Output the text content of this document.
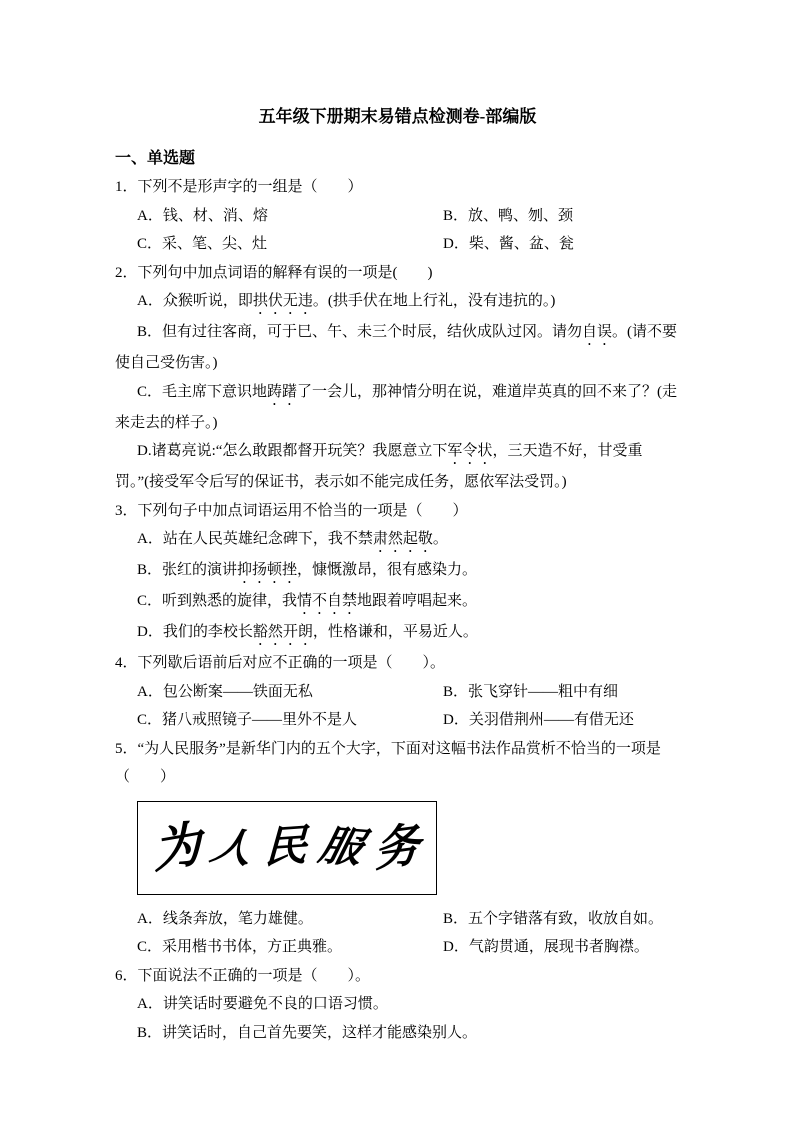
五年级下册期末易错点检测卷-部编版
一、单选题

1．下列不是形声字的一组是（　　）

A．钱、材、消、熔	B．放、鸭、刎、颈
C．采、笔、尖、灶	D．柴、酱、盆、瓮

2．下列句中加点词语的解释有误的一项是(　　)

A．众猴听说，即拱伏无违。(拱手伏在地上行礼，没有违抗的。)

B．但有过往客商，可于巳、午、未三个时辰，结伙成队过冈。请勿自误。(请不要使自己受伤害。)

C．毛主席下意识地踌躇了一会儿，那神情分明在说，难道岸英真的回不来了？(走来走去的样子。)

D.诸葛亮说:“怎么敢跟都督开玩笑？我愿意立下军令状，三天造不好，甘受重罚。”(接受军令后写的保证书，表示如不能完成任务，愿依军法受罚。)

3．下列句子中加点词语运用不恰当的一项是（　　）

A．站在人民英雄纪念碑下，我不禁肃然起敬。

B．张红的演讲抑扬顿挫，慷慨激昂，很有感染力。

C．听到熟悉的旋律，我情不自禁地跟着哼唱起来。

D．我们的李校长豁然开朗，性格谦和，平易近人。

4．下列歇后语前后对应不正确的一项是（　　）。

A．包公断案——铁面无私	B．张飞穿针——粗中有细
C．猪八戒照镜子——里外不是人	D．关羽借荆州——有借无还

5．“为人民服务”是新华门内的五个大字，下面对这幅书法作品赏析不恰当的一项是（　　）

为 人 民 服 务
A．线条奔放，笔力雄健。	B．五个字错落有致，收放自如。
C．采用楷书书体，方正典雅。	D．气韵贯通，展现书者胸襟。

6．下面说法不正确的一项是（　　）。

A．讲笑话时要避免不良的口语习惯。

B．讲笑话时，自己首先要笑，这样才能感染别人。
